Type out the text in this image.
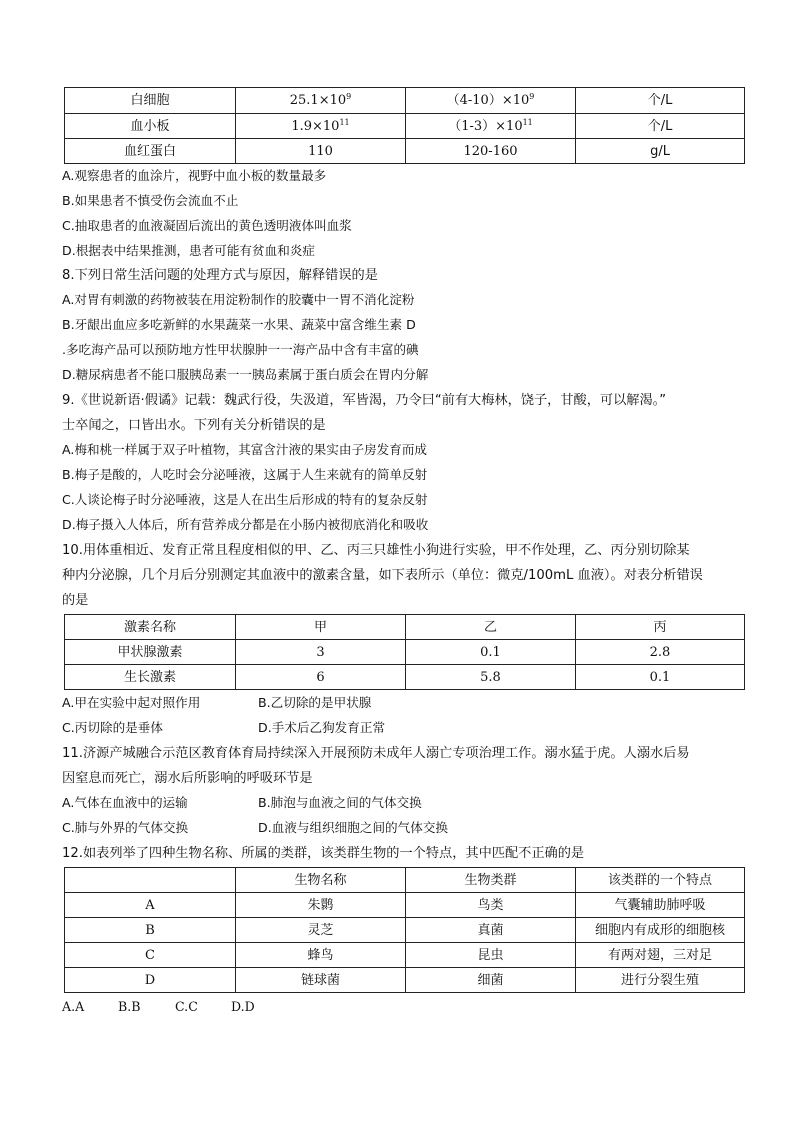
白细胞	$25.1\times 10^9$	$(4-10)\times 10^9$	个/L
血小板	$1.9\times 10^{11}$	$(1-3)\times 10^{11}$	个/L
血红蛋白	110	120-160	g/L
A.观察患者的血涂片，视野中血小板的数量最多
B.如果患者不慎受伤会流血不止
C.抽取患者的血液凝固后流出的黄色透明液体叫血浆
D.根据表中结果推测，患者可能有贫血和炎症
8.下列日常生活问题的处理方式与原因，解释错误的是
A.对胃有刺激的药物被装在用淀粉制作的胶囊中一胃不消化淀粉
B.牙龈出血应多吃新鲜的水果蔬菜一水果、蔬菜中富含维生素 D
.多吃海产品可以预防地方性甲状腺肿一一海产品中含有丰富的碘
D.糖尿病患者不能口服胰岛素一一胰岛素属于蛋白质会在胃内分解
9.《世说新语·假谲》记载：魏武行役，失汲道，军皆渴，乃令曰“前有大梅林，饶子，甘酸，可以解渴。”
士卒闻之，口皆出水。下列有关分析错误的是
A.梅和桃一样属于双子叶植物，其富含汁液的果实由子房发育而成
B.梅子是酸的，人吃时会分泌唾液，这属于人生来就有的简单反射
C.人谈论梅子时分泌唾液，这是人在出生后形成的特有的复杂反射
D.梅子摄入人体后，所有营养成分都是在小肠内被彻底消化和吸收
10.用体重相近、发育正常且程度相似的甲、乙、丙三只雄性小狗进行实验，甲不作处理，乙、丙分别切除某
种内分泌腺，几个月后分别测定其血液中的激素含量，如下表所示（单位：微克/100mL 血液）。对表分析错误
的是
激素名称	甲	乙	丙
甲状腺激素	3	0.1	2.8
生长激素	6	5.8	0.1
A.甲在实验中起对照作用	B.乙切除的是甲状腺
C.丙切除的是垂体	D.手术后乙狗发育正常
11.济源产城融合示范区教育体育局持续深入开展预防未成年人溺亡专项治理工作。溺水猛于虎。人溺水后易
因窒息而死亡，溺水后所影响的呼吸环节是
A.气体在血液中的运输	B.肺泡与血液之间的气体交换
C.肺与外界的气体交换	D.血液与组织细胞之间的气体交换
12.如表列举了四种生物名称、所属的类群，该类群生物的一个特点，其中匹配不正确的是
	生物名称	生物类群	该类群的一个特点
A	朱鹮	鸟类	气囊辅助肺呼吸
B	灵芝	真菌	细胞内有成形的细胞核
C	蜂鸟	昆虫	有两对翅，三对足
D	链球菌	细菌	进行分裂生殖
A.A	B.B	C.C	D.D
